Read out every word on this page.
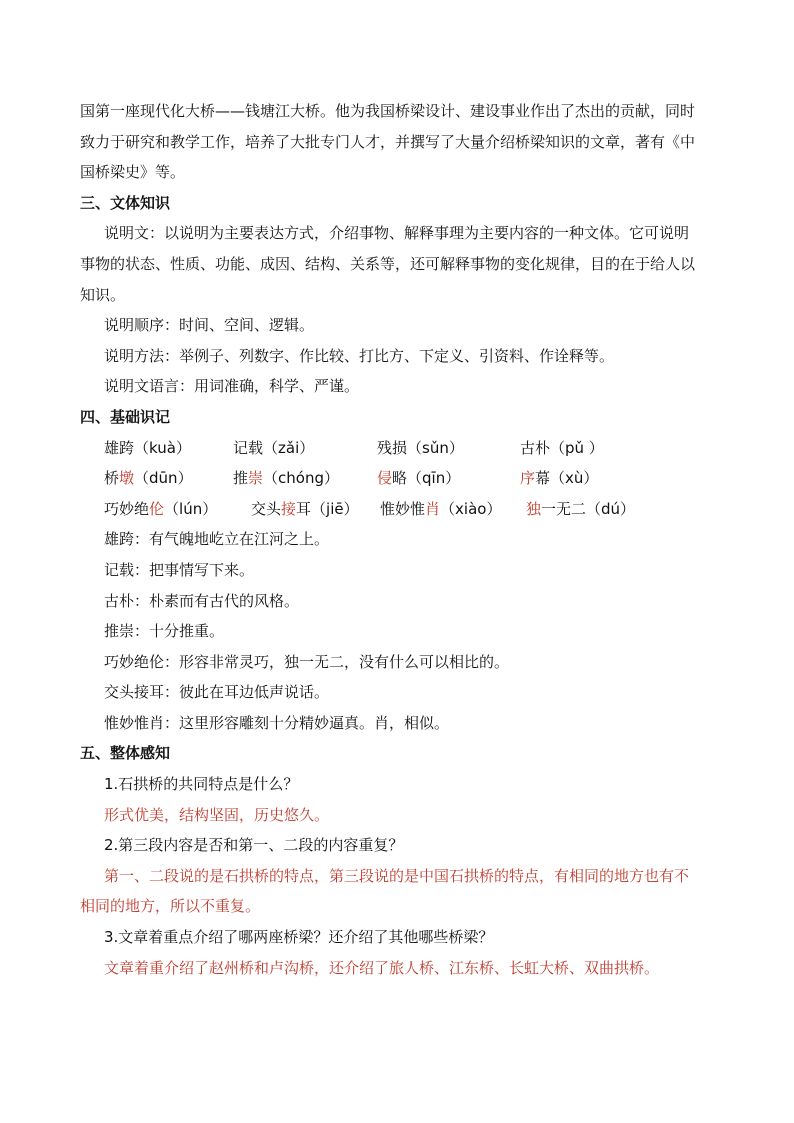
国第一座现代化大桥——钱塘江大桥。他为我国桥梁设计、建设事业作出了杰出的贡献，同时

致力于研究和教学工作，培养了大批专门人才，并撰写了大量介绍桥梁知识的文章，著有《中

国桥梁史》等。

三、文体知识

说明文：以说明为主要表达方式，介绍事物、解释事理为主要内容的一种文体。它可说明

事物的状态、性质、功能、成因、结构、关系等，还可解释事物的变化规律，目的在于给人以

知识。

说明顺序：时间、空间、逻辑。

说明方法：举例子、列数字、作比较、打比方、下定义、引资料、作诠释等。

说明文语言：用词准确，科学、严谨。

四、基础识记

雄跨（kuà）	记载（zǎi）	残损（sǔn）	古朴（pǔ ）
桥墩（dūn）	推崇（chóng）	侵略（qīn）	序幕（xù）
巧妙绝伦（lún） 交头接耳（jiē） 惟妙惟肖（xiào） 独一无二（dú）

雄跨：有气魄地屹立在江河之上。

记载：把事情写下来。

古朴：朴素而有古代的风格。

推崇：十分推重。

巧妙绝伦：形容非常灵巧，独一无二，没有什么可以相比的。

交头接耳：彼此在耳边低声说话。

惟妙惟肖：这里形容雕刻十分精妙逼真。肖，相似。

五、整体感知

1.石拱桥的共同特点是什么？

形式优美，结构坚固，历史悠久。

2.第三段内容是否和第一、二段的内容重复？

第一、二段说的是石拱桥的特点，第三段说的是中国石拱桥的特点，有相同的地方也有不

相同的地方，所以不重复。

3.文章着重点介绍了哪两座桥梁？还介绍了其他哪些桥梁？

文章着重介绍了赵州桥和卢沟桥，还介绍了旅人桥、江东桥、长虹大桥、双曲拱桥。
